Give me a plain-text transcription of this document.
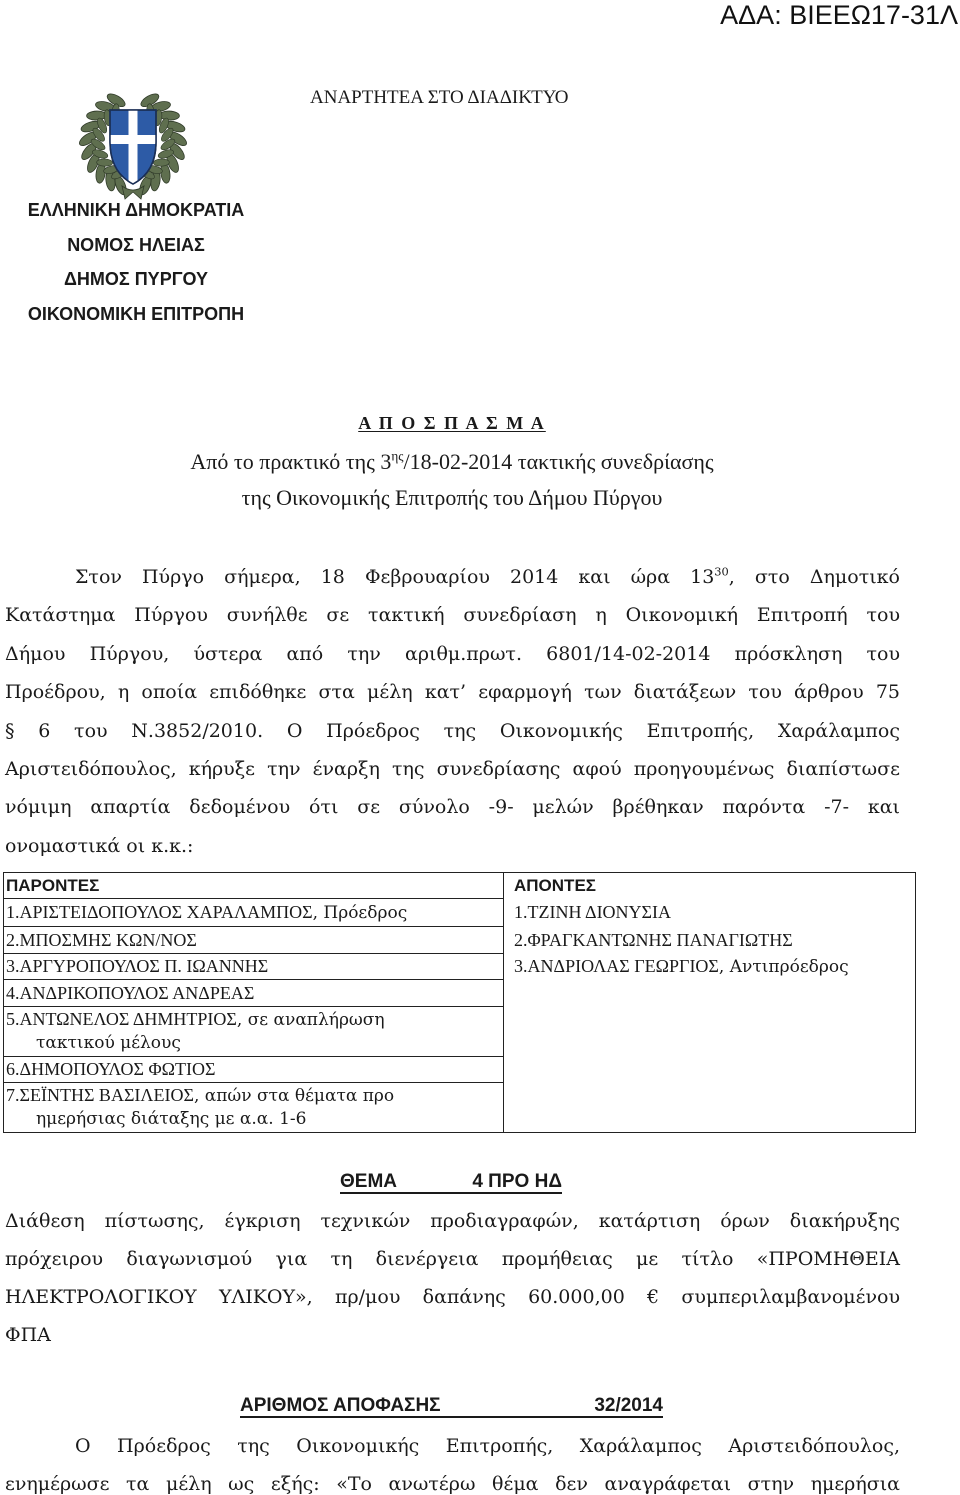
ΑΔΑ: ΒΙΕΕΩ17-31Λ
ΑΝΑΡΤΗΤΕΑ ΣΤΟ ΔΙΑΔΙΚΤΥΟ
ΕΛΛΗΝΙΚΗ ΔΗΜΟΚΡΑΤΙΑ
ΝΟΜΟΣ ΗΛΕΙΑΣ
ΔΗΜΟΣ ΠΥΡΓΟΥ
ΟΙΚΟΝΟΜΙΚΗ ΕΠΙΤΡΟΠΗ
Α Π Ο Σ Π Α Σ Μ Α
Από το πρακτικό της $3^{\eta\varsigma}/18-02-2014$ τακτικής συνεδρίασης
της Οικονομικής Επιτροπής του Δήμου Πύργου
Στον Πύργο σήμερα, 18 Φεβρουαρίου 2014 και ώρα $13^{30}$, στο Δημοτικό
Κατάστημα Πύργου συνήλθε σε τακτική συνεδρίαση η Οικονομική Επιτροπή του
Δήμου Πύργου, ύστερα από την αριθμ.πρωτ. 6801/14-02-2014 πρόσκληση του
Προέδρου, η οποία επιδόθηκε στα μέλη κατ’ εφαρμογή των διατάξεων του άρθρου 75
§ 6 του Ν.3852/2010. Ο Πρόεδρος της Οικονομικής Επιτροπής, Χαράλαμπος
Αριστειδόπουλος, κήρυξε την έναρξη της συνεδρίασης αφού προηγουμένως διαπίστωσε
νόμιμη απαρτία δεδομένου ότι σε σύνολο -9- μελών βρέθηκαν παρόντα -7- και
ονομαστικά οι κ.κ.:
ΠΑΡΟΝΤΕΣ	ΑΠΟΝΤΕΣ
1.ΑΡΙΣΤΕΙΔΟΠΟΥΛΟΣ ΧΑΡΑΛΑΜΠΟΣ, Πρόεδρος	1.ΤΖΙΝΗ ΔΙΟΝΥΣΙΑ
2.ΜΠΟΣΜΗΣ ΚΩΝ/ΝΟΣ	2.ΦΡΑΓΚΑΝΤΩΝΗΣ ΠΑΝΑΓΙΩΤΗΣ
3.ΑΡΓΥΡΟΠΟΥΛΟΣ Π. ΙΩΑΝΝΗΣ	3.ΑΝΔΡΙΟΛΑΣ ΓΕΩΡΓΙΟΣ, Αντιπρόεδρος
4.ΑΝΔΡΙΚΟΠΟΥΛΟΣ ΑΝΔΡΕΑΣ	

5.ΑΝΤΩΝΕΛΟΣ ΔΗΜΗΤΡΙΟΣ, σε αναπλήρωση
τακτικού μέλους	

6.ΔΗΜΟΠΟΥΛΟΣ ΦΩΤΙΟΣ	

7.ΣΕΪΝΤΗΣ ΒΑΣΙΛΕΙΟΣ, απών στα θέματα προ
ημερήσιας διάταξης με α.α. 1-6	

ΘΕΜΑ	4 ΠΡΟ ΗΔ
Διάθεση πίστωσης, έγκριση τεχνικών προδιαγραφών, κατάρτιση όρων διακήρυξης
πρόχειρου διαγωνισμού για τη διενέργεια προμήθειας με τίτλο «ΠΡΟΜΗΘΕΙΑ
ΗΛΕΚΤΡΟΛΟΓΙΚΟΥ ΥΛΙΚΟΥ», πρ/μου δαπάνης 60.000,00 € συμπεριλαμβανομένου
ΦΠΑ
ΑΡΙΘΜΟΣ ΑΠΟΦΑΣΗΣ	32/2014
Ο Πρόεδρος της Οικονομικής Επιτροπής, Χαράλαμπος Αριστειδόπουλος,
ενημέρωσε τα μέλη ως εξής: «Το ανωτέρω θέμα δεν αναγράφεται στην ημερήσια
